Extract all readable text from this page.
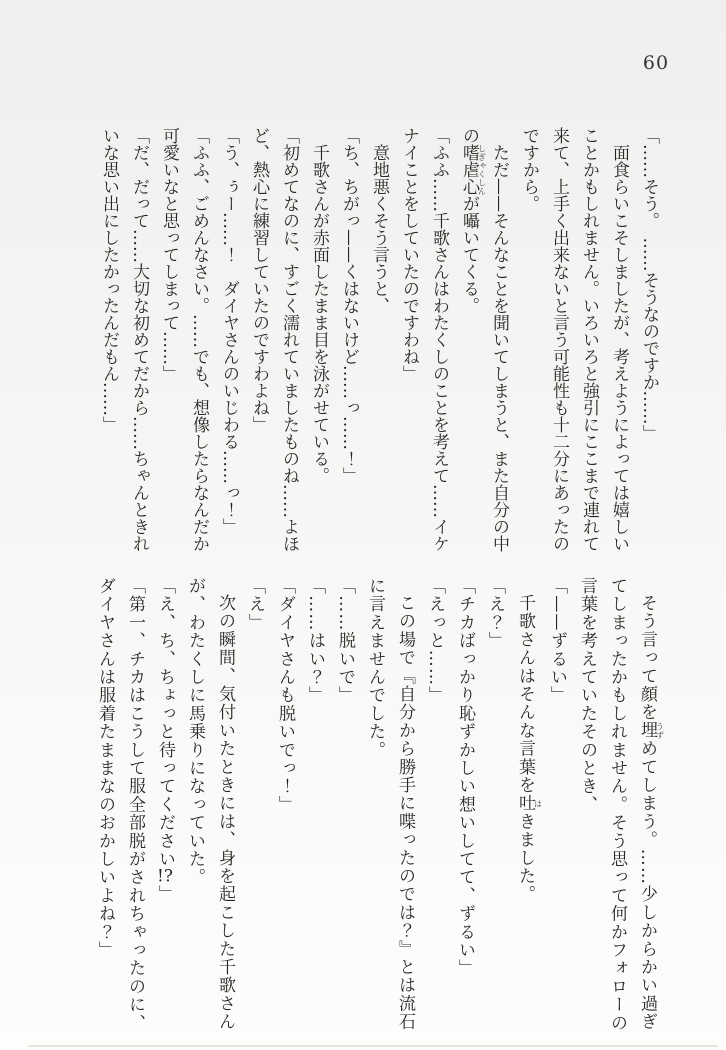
60

「……そう。　……そうなのですか……」

面食らいこそしましたが、考えようによっては嬉しいことかもしれません。いろいろと強引にここまで連れて来て、上手く出来ないと言う可能性も十二分にあったのですから。

ただ——そんなことを聞いてしまうと、また自分の中の嗜虐心しぎゃくしんが囁いてくる。

「ふふ……千歌さんはわたくしのことを考えて……イケナイことをしていたのですわね」

意地悪くそう言うと、

「ち、ちがっ——くはないけど……っ……！」

千歌さんが赤面したまま目を泳がせている。

「初めてなのに、すごく濡れていましたものね……よほど、熱心に練習していたのですわよね」

「う、ぅー……！　ダイヤさんのいじわる……っ！」

「ふふ、ごめんなさい。……でも、想像したらなんだか可愛いなと思ってしまって……」

「だ、だって……大切な初めてだから……ちゃんときれいな思い出にしたかったんだもん……」

そう言って顔を埋うずめてしまう。……少しからかい過ぎてしまったかもしれません。そう思って何かフォローの言葉を考えていたそのとき、

「——ずるい」

千歌さんはそんな言葉を吐はきました。

「え？」

「チカばっかり恥ずかしい想いしてて、ずるい」

「えっと……」

この場で『自分から勝手に喋ったのでは？』とは流石に言えませんでした。

「……脱いで」

「……はい？」

「ダイヤさんも脱いでっ！」

「え」

次の瞬間、気付いたときには、身を起こした千歌さんが、わたくしに馬乗りになっていた。

「え、ち、ちょっと待ってください!?」

「第一、チカはこうして服全部脱がされちゃったのに、ダイヤさんは服着たままなのおかしいよね？」
